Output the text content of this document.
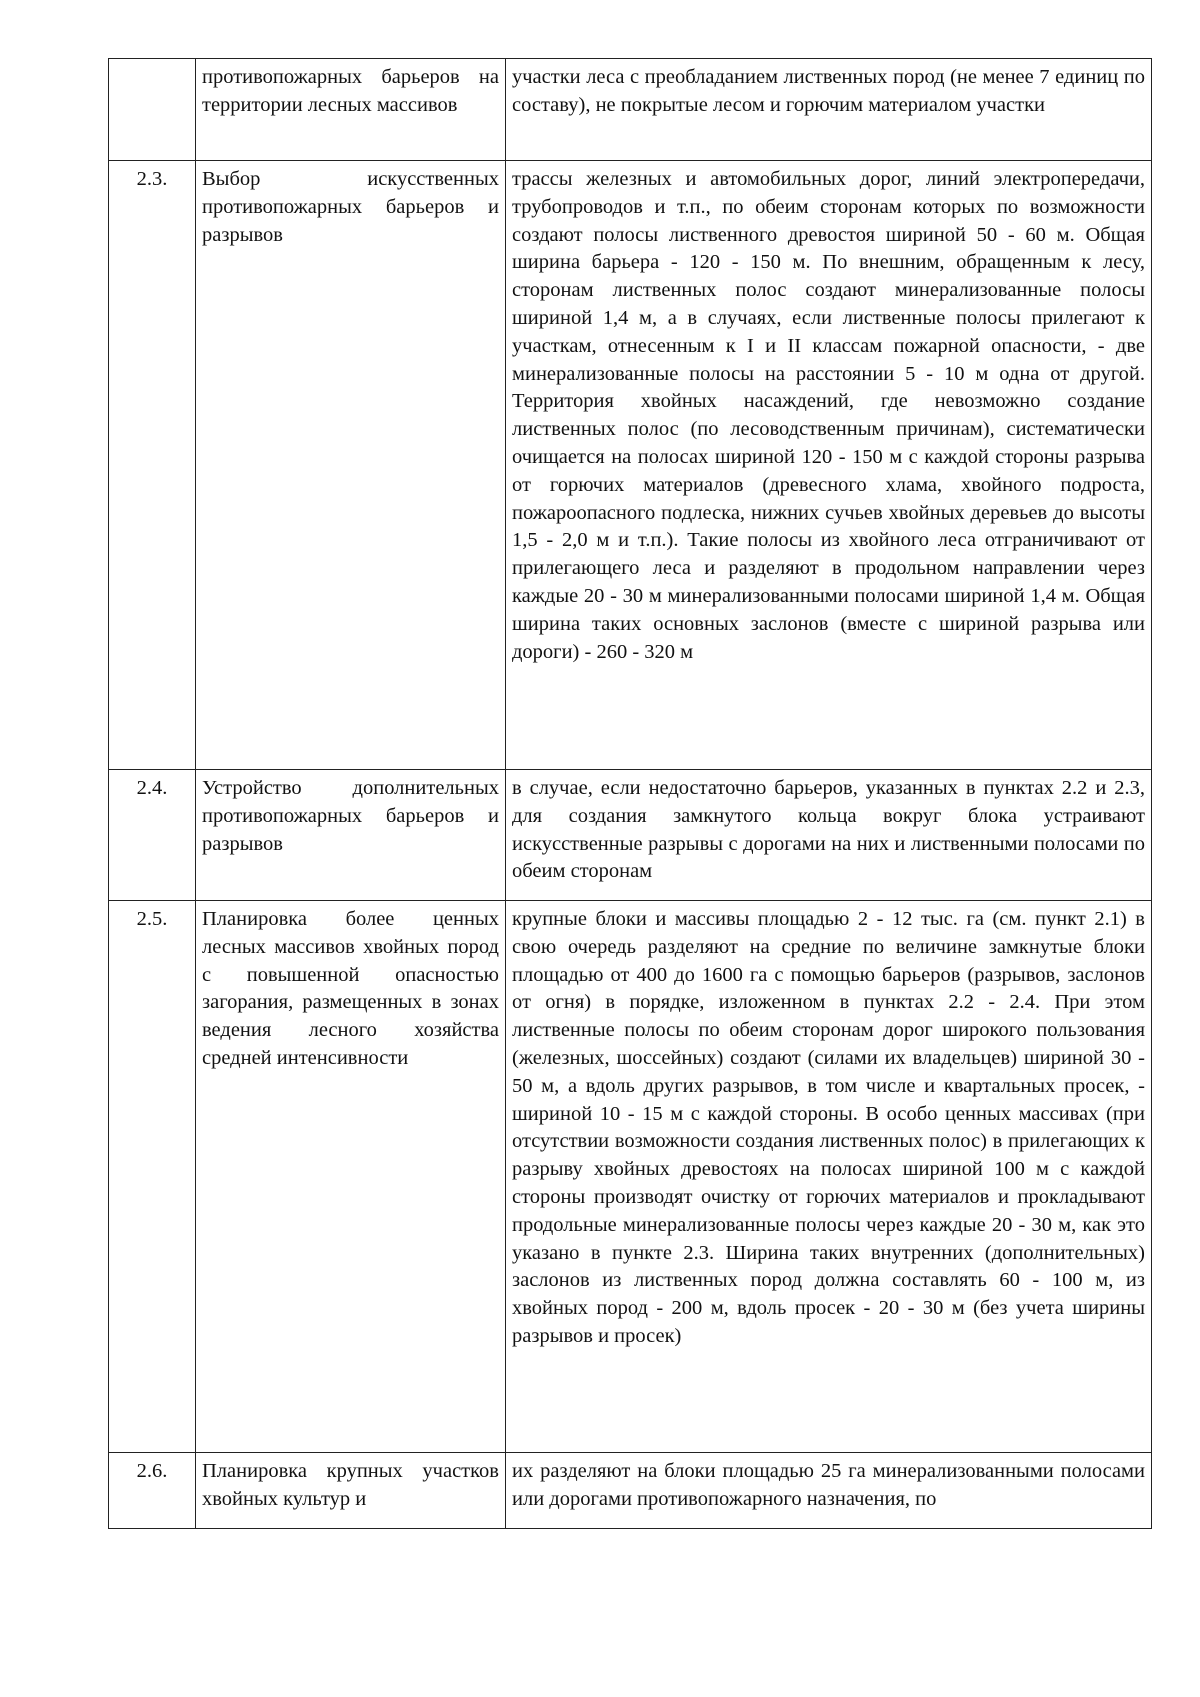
	противопожарных барьеров на территории лесных массивов	участки леса с преобладанием лиственных пород (не менее 7 единиц по составу), не покрытые лесом и горючим материалом участки

2.3.	Выбор искусственных противопожарных барьеров и разрывов	трассы железных и автомобильных дорог, линий электропередачи, трубопроводов и т.п., по обеим сторонам которых по возможности создают полосы лиственного древостоя шириной 50 - 60 м. Общая ширина барьера - 120 - 150 м. По внешним, обращенным к лесу, сторонам лиственных полос создают минерализованные полосы шириной 1,4 м, а в случаях, если лиственные полосы прилегают к участкам, отнесенным к I и II классам пожарной опасности, - две минерализованные полосы на расстоянии 5 - 10 м одна от другой. Территория хвойных насаждений, где невозможно создание лиственных полос (по лесоводственным причинам), систематически очищается на полосах шириной 120 - 150 м с каждой стороны разрыва от горючих материалов (древесного хлама, хвойного подроста, пожароопасного подлеска, нижних сучьев хвойных деревьев до высоты 1,5 - 2,0 м и т.п.). Такие полосы из хвойного леса отграничивают от прилегающего леса и разделяют в продольном направлении через каждые 20 - 30 м минерализованными полосами шириной 1,4 м. Общая ширина таких основных заслонов (вместе с шириной разрыва или дороги) - 260 - 320 м

2.4.	Устройство дополнительных противопожарных барьеров и разрывов	в случае, если недостаточно барьеров, указанных в пунктах 2.2 и 2.3, для создания замкнутого кольца вокруг блока устраивают искусственные разрывы с дорогами на них и лиственными полосами по обеим сторонам

2.5.	Планировка более ценных лесных массивов хвойных пород с повышенной опасностью загорания, размещенных в зонах ведения лесного хозяйства средней интенсивности	крупные блоки и массивы площадью 2 - 12 тыс. га (см. пункт 2.1) в свою очередь разделяют на средние по величине замкнутые блоки площадью от 400 до 1600 га с помощью барьеров (разрывов, заслонов от огня) в порядке, изложенном в пунктах 2.2 - 2.4. При этом лиственные полосы по обеим сторонам дорог широкого пользования (железных, шоссейных) создают (силами их владельцев) шириной 30 - 50 м, а вдоль других разрывов, в том числе и квартальных просек, - шириной 10 - 15 м с каждой стороны. В особо ценных массивах (при отсутствии возможности создания лиственных полос) в прилегающих к разрыву хвойных древостоях на полосах шириной 100 м с каждой стороны производят очистку от горючих материалов и прокладывают продольные минерализованные полосы через каждые 20 - 30 м, как это указано в пункте 2.3. Ширина таких внутренних (дополнительных) заслонов из лиственных пород должна составлять 60 - 100 м, из хвойных пород - 200 м, вдоль просек - 20 - 30 м (без учета ширины разрывов и просек)

2.6.	Планировка крупных участков хвойных культур и	их разделяют на блоки площадью 25 га минерализованными полосами или дорогами противопожарного назначения, по
